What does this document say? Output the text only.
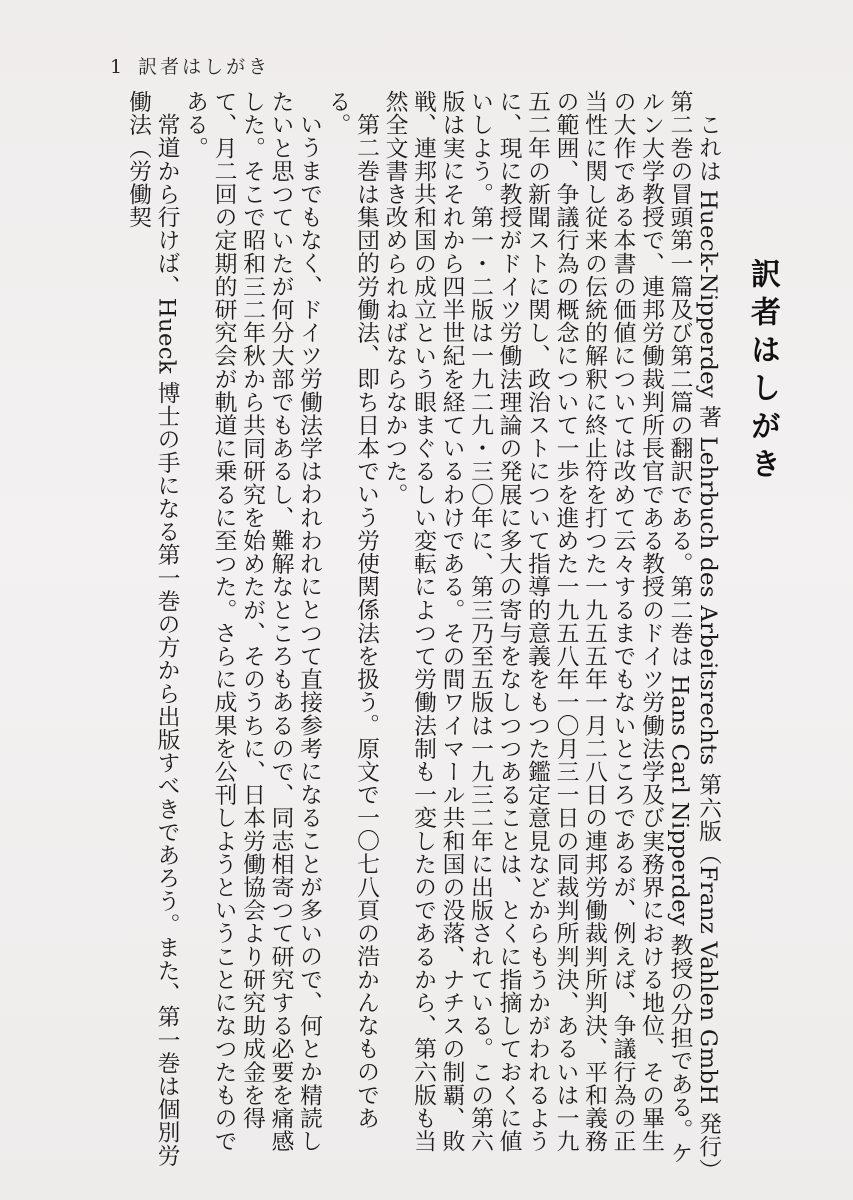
1 訳者はしがき
訳者はしがき

これは Hueck-Nipperdey 著 Lehrbuch des Arbeitsrechts 第六版（Franz Vahlen GmbH 発行）第二巻の冒頭第一篇及び第二篇の翻訳である。第二巻は Hans Carl Nipperdey 教授の分担である。ケルン大学教授で、連邦労働裁判所長官である教授のドイツ労働法学及び実務界における地位、その畢生の大作である本書の価値については改めて云々するまでもないところであるが、例えば、争議行為の正当性に関し従来の伝統的解釈に終止符を打つた一九五五年一月二八日の連邦労働裁判所判決、平和義務の範囲、争議行為の概念について一歩を進めた一九五八年一〇月三一日の同裁判所判決、あるいは一九五二年の新聞ストに関し、政治ストについて指導的意義をもつた鑑定意見などからもうかがわれるように、現に教授がドイツ労働法理論の発展に多大の寄与をなしつつあることは、とくに指摘しておくに値いしよう。第一・二版は一九二九・三〇年に、第三乃至五版は一九三二年に出版されている。この第六版は実にそれから四半世紀を経ているわけである。その間ワイマール共和国の没落、ナチスの制覇、敗戦、連邦共和国の成立という眼まぐるしい変転によつて労働法制も一変したのであるから、第六版も当然全文書き改められねばならなかつた。

第二巻は集団的労働法、即ち日本でいう労使関係法を扱う。原文で一〇七八頁の浩かんなものである。

いうまでもなく、ドイツ労働法学はわれわれにとつて直接参考になることが多いので、何とか精読したいと思つていたが何分大部でもあるし、難解なところもあるので、同志相寄つて研究する必要を痛感した。そこで昭和三二年秋から共同研究を始めたが、そのうちに、日本労働協会より研究助成金を得て、月二回の定期的研究会が軌道に乗るに至つた。さらに成果を公刊しようということになつたものである。

常道から行けば、Hueck 博士の手になる第一巻の方から出版すべきであろう。また、第一巻は個別労働法（労働契
